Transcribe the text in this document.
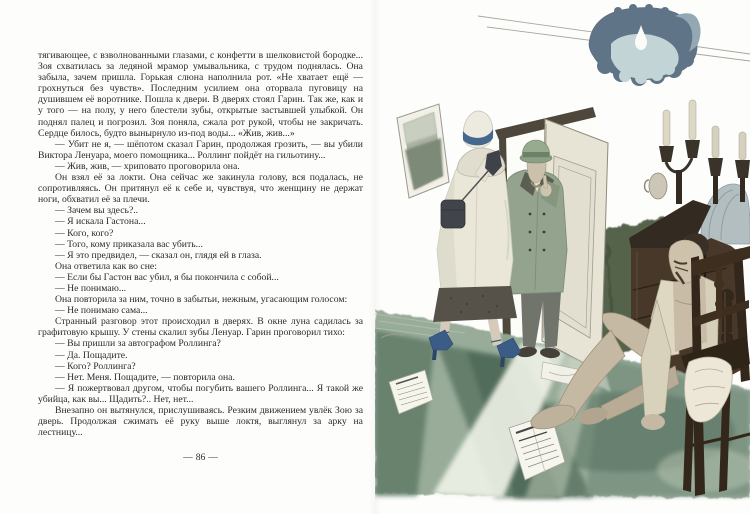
тягивающее, с взволнованными глазами, с конфетти в шелковистой бородке... Зоя схватилась за ледяной мрамор умывальника, с трудом поднялась. Она забыла, зачем пришла. Горькая слюна наполнила рот. «Не хватает ещё — грохнуться без чувств». Последним усилием она оторвала пуговицу на душившем её воротнике. Пошла к двери. В дверях стоял Гарин. Так же, как и у того — на полу, у него блестели зубы, открытые застывшей улыбкой. Он поднял палец и погрозил. Зоя поняла, сжала рот рукой, чтобы не закричать. Сердце билось, будто вынырнуло из-под воды... «Жив, жив...»

— Убит не я, — шёпотом сказал Гарин, продолжая грозить, — вы убили Виктора Ленуара, моего помощника... Роллинг пойдёт на гильотину...

— Жив, жив, — хриповато проговорила она.

Он взял её за локти. Она сейчас же закинула голову, вся подалась, не сопротивляясь. Он притянул её к себе и, чувствуя, что женщину не держат ноги, обхватил её за плечи.

— Зачем вы здесь?..

— Я искала Гастона...

— Кого, кого?

— Того, кому приказала вас убить...

— Я это предвидел, — сказал он, глядя ей в глаза.

Она ответила как во сне:

— Если бы Гастон вас убил, я бы покончила с собой...

— Не понимаю...

Она повторила за ним, точно в забытьи, нежным, угасающим голосом:

— Не понимаю сама...

Странный разговор этот происходил в дверях. В окне луна садилась за графитовую крышу. У стены скалил зубы Ленуар. Гарин проговорил тихо:

— Вы пришли за автографом Роллинга?

— Да. Пощадите.

— Кого? Роллинга?

— Нет. Меня. Пощадите, — повторила она.

— Я пожертвовал другом, чтобы погубить вашего Роллинга... Я такой же убийца, как вы... Щадить?.. Нет, нет...

Внезапно он вытянулся, прислушиваясь. Резким движением увлёк Зою за дверь. Продолжая сжимать её руку выше локтя, выглянул за арку на лестницу...

— 86 —
